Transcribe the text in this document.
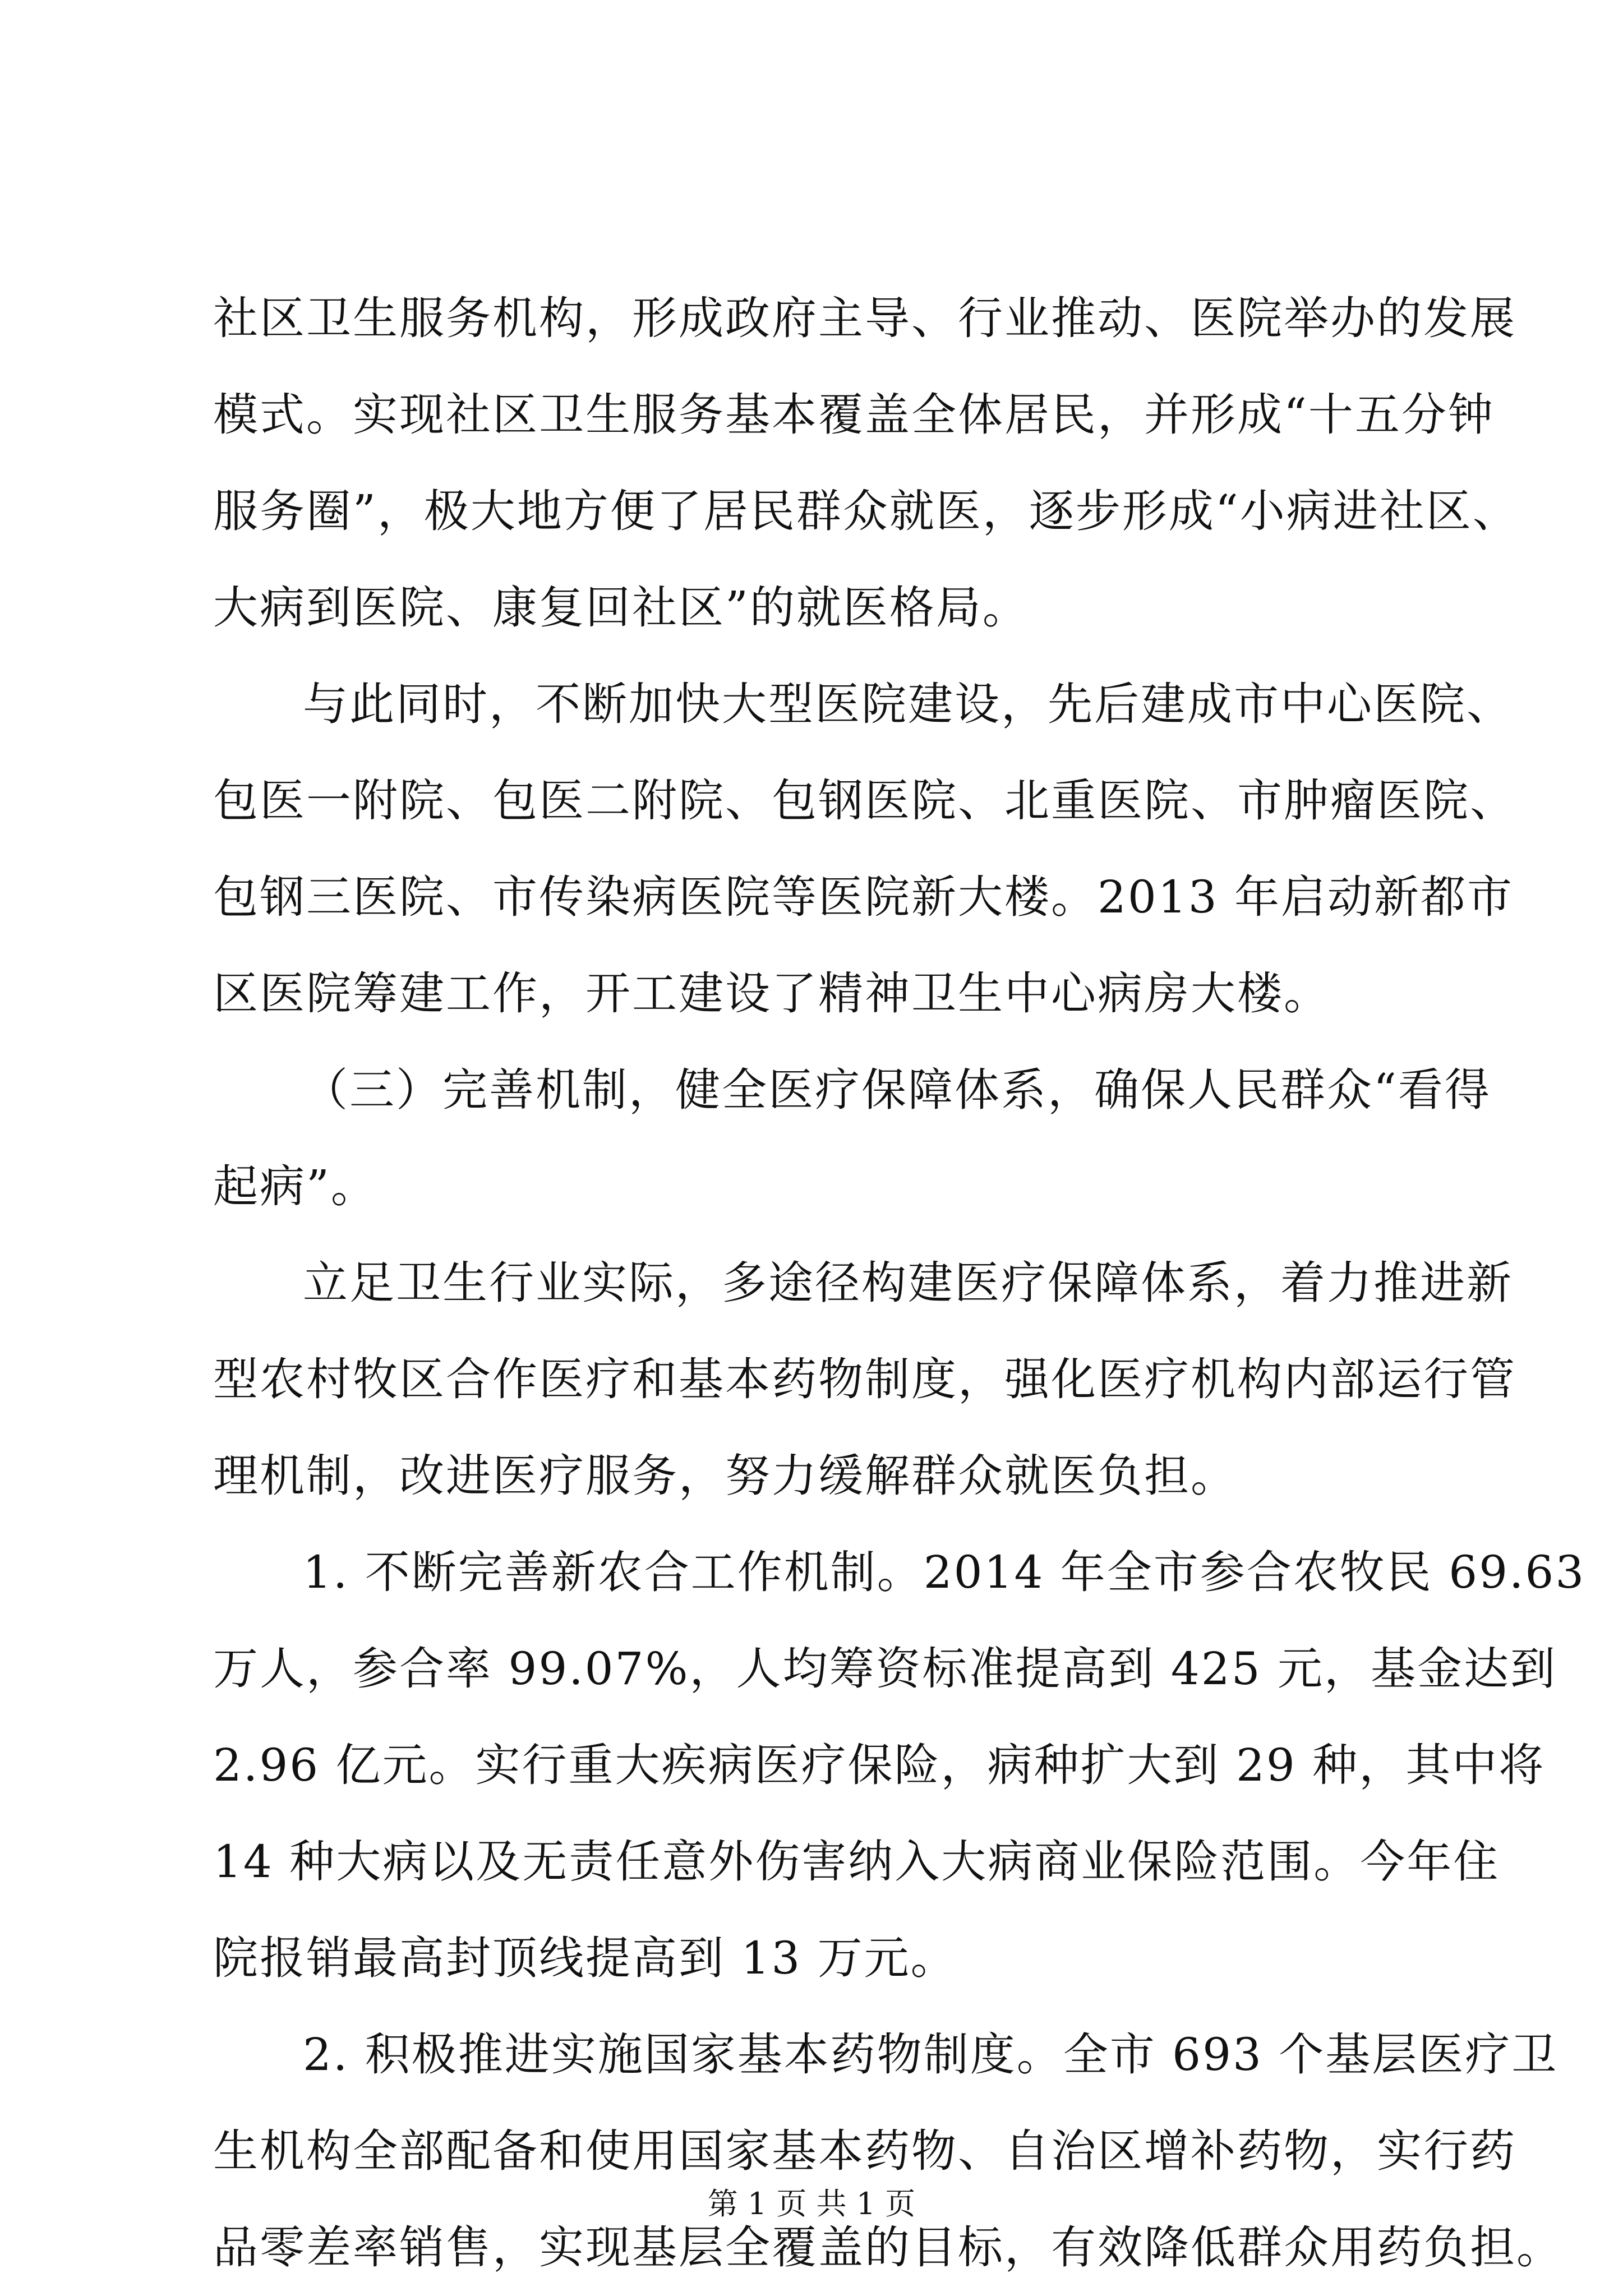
社区卫生服务机构，形成政府主导、行业推动、医院举办的发展
模式。实现社区卫生服务基本覆盖全体居民，并形成“十五分钟
服务圈”，极大地方便了居民群众就医，逐步形成“小病进社区、
大病到医院、康复回社区”的就医格局。
与此同时，不断加快大型医院建设，先后建成市中心医院、
包医一附院、包医二附院、包钢医院、北重医院、市肿瘤医院、
包钢三医院、市传染病医院等医院新大楼。2013 年启动新都市
区医院筹建工作，开工建设了精神卫生中心病房大楼。
（三）完善机制，健全医疗保障体系，确保人民群众“看得
起病”。
立足卫生行业实际，多途径构建医疗保障体系，着力推进新
型农村牧区合作医疗和基本药物制度，强化医疗机构内部运行管
理机制，改进医疗服务，努力缓解群众就医负担。
1. 不断完善新农合工作机制。2014 年全市参合农牧民 69.63
万人，参合率 99.07%，人均筹资标准提高到 425 元，基金达到
2.96 亿元。实行重大疾病医疗保险，病种扩大到 29 种，其中将
14 种大病以及无责任意外伤害纳入大病商业保险范围。今年住
院报销最高封顶线提高到 13 万元。
2. 积极推进实施国家基本药物制度。全市 693 个基层医疗卫
生机构全部配备和使用国家基本药物、自治区增补药物，实行药
品零差率销售，实现基层全覆盖的目标，有效降低群众用药负担。
第 1 页 共 1 页
